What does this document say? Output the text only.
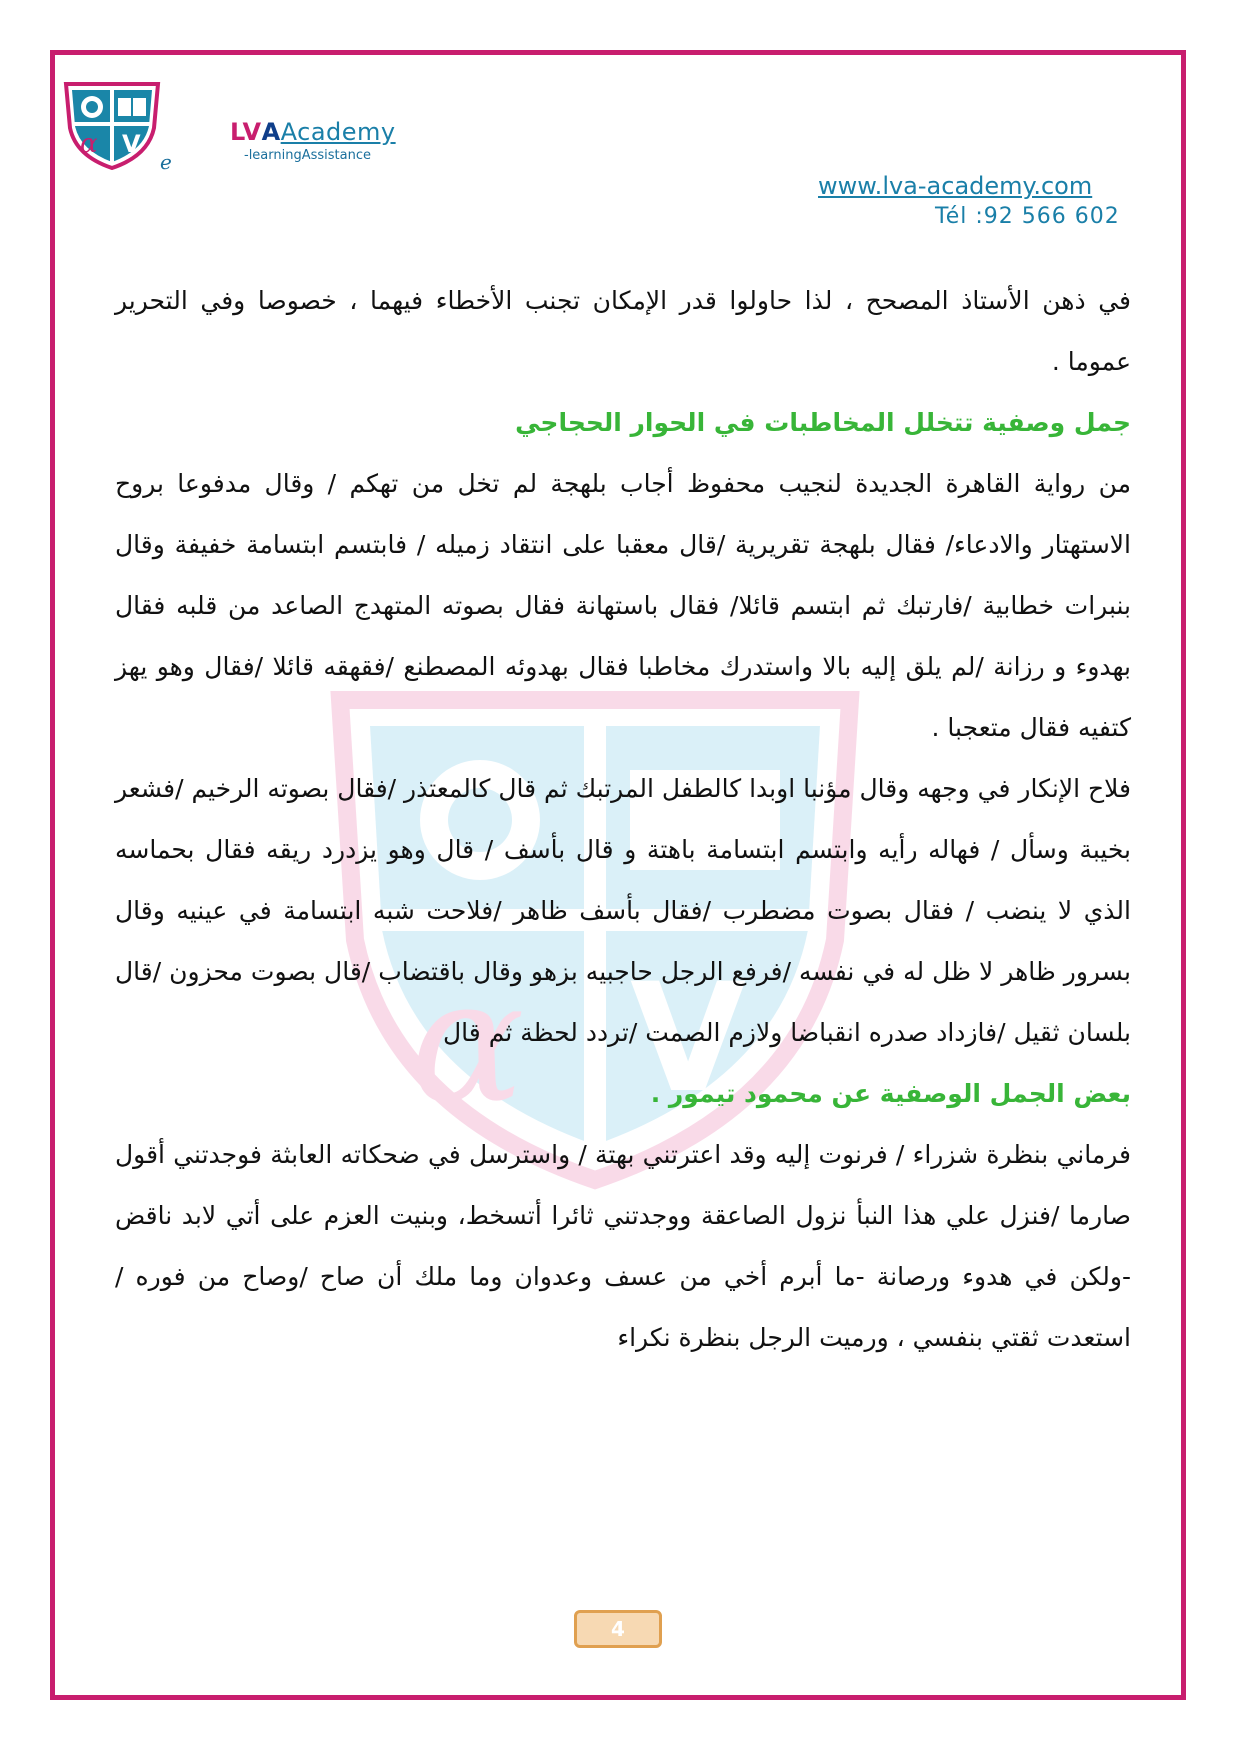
α V
e
LVAAcademy
-learningAssistance
www.lva-academy.com
Tél :92 566 602
α V

في ذهن الأستاذ المصحح ، لذا حاولوا قدر الإمكان تجنب الأخطاء فيهما ، خصوصا وفي التحرير عموما .

جمل وصفية تتخلل المخاطبات في الحوار الحجاجي

من رواية القاهرة الجديدة لنجيب محفوظ أجاب بلهجة لم تخل من تهكم / وقال مدفوعا بروح الاستهتار والادعاء/ فقال بلهجة تقريرية /قال معقبا على انتقاد زميله / فابتسم ابتسامة خفيفة وقال بنبرات خطابية /فارتبك ثم ابتسم قائلا/ فقال باستهانة فقال بصوته المتهدج الصاعد من قلبه فقال بهدوء و رزانة /لم يلق إليه بالا واستدرك مخاطبا فقال بهدوئه المصطنع /فقهقه قائلا /فقال وهو يهز كتفيه فقال متعجبا .

فلاح الإنكار في وجهه وقال مؤنبا اوبدا كالطفل المرتبك ثم قال كالمعتذر /فقال بصوته الرخيم /فشعر بخيبة وسأل / فهاله رأيه وابتسم ابتسامة باهتة و قال بأسف / قال وهو يزدرد ريقه فقال بحماسه الذي لا ينضب / فقال بصوت مضطرب /فقال بأسف ظاهر /فلاحت شبه ابتسامة في عينيه وقال بسرور ظاهر لا ظل له في نفسه /فرفع الرجل حاجبيه بزهو وقال باقتضاب /قال بصوت محزون /قال بلسان ثقيل /فازداد صدره انقباضا ولازم الصمت /تردد لحظة ثم قال

بعض الجمل الوصفية عن محمود تيمور .

فرماني بنظرة شزراء / فرنوت إليه وقد اعترتني بهتة / واسترسل في ضحكاته العابثة فوجدتني أقول صارما /فنزل علي هذا النبأ نزول الصاعقة ووجدتني ثائرا أتسخط، وبنيت العزم على أتي لابد ناقض -ولكن في هدوء ورصانة -ما أبرم أخي من عسف وعدوان وما ملك أن صاح /وصاح من فوره / استعدت ثقتي بنفسي ، ورميت الرجل بنظرة نكراء

4
